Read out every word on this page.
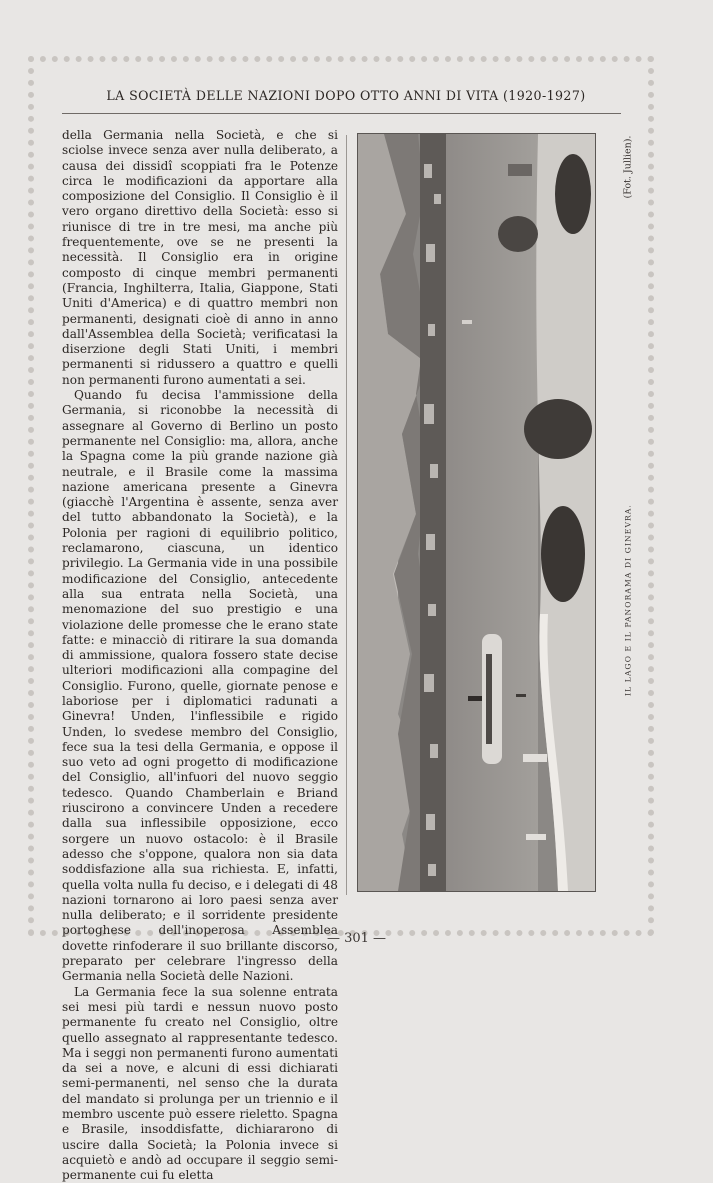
LA SOCIETÀ DELLE NAZIONI DOPO OTTO ANNI DI VITA (1920-1927)

della Germania nella Società, e che si sciolse invece senza aver nulla deliberato, a causa dei dissidî scoppiati fra le Potenze circa le modificazioni da apportare alla composizione del Consiglio. Il Consiglio è il vero organo direttivo della Società: esso si riunisce di tre in tre mesi, ma anche più frequentemente, ove se ne presenti la necessità. Il Consiglio era in origine composto di cinque membri permanenti (Francia, Inghilterra, Italia, Giappone, Stati Uniti d'America) e di quattro membri non permanenti, designati cioè di anno in anno dall'Assemblea della Società; verificatasi la diserzione degli Stati Uniti, i membri permanenti si ridussero a quattro e quelli non permanenti furono aumentati a sei.

Quando fu decisa l'ammissione della Germania, si riconobbe la necessità di assegnare al Governo di Berlino un posto permanente nel Consiglio: ma, allora, anche la Spagna come la più grande nazione già neutrale, e il Brasile come la massima nazione americana presente a Ginevra (giacchè l'Argentina è assente, senza aver del tutto abbandonato la Società), e la Polonia per ragioni di equilibrio politico, reclamarono, ciascuna, un identico privilegio. La Germania vide in una possibile modificazione del Consiglio, antecedente alla sua entrata nella Società, una menomazione del suo prestigio e una violazione delle promesse che le erano state fatte: e minacciò di ritirare la sua domanda di ammissione, qualora fossero state decise ulteriori modificazioni alla compagine del Consiglio. Furono, quelle, giornate penose e laboriose per i diplomatici radunati a Ginevra! Unden, l'inflessibile e rigido Unden, lo svedese membro del Consiglio, fece sua la tesi della Germania, e oppose il suo veto ad ogni progetto di modificazione del Consiglio, all'infuori del nuovo seggio tedesco. Quando Chamberlain e Briand riuscirono a convincere Unden a recedere dalla sua inflessibile opposizione, ecco sorgere un nuovo ostacolo: è il Brasile adesso che s'oppone, qualora non sia data soddisfazione alla sua richiesta. E, infatti, quella volta nulla fu deciso, e i delegati di 48 nazioni tornarono ai loro paesi senza aver nulla deliberato; e il sorridente presidente portoghese dell'inoperosa Assemblea dovette rinfoderare il suo brillante discorso, preparato per celebrare l'ingresso della Germania nella Società delle Nazioni.

La Germania fece la sua solenne entrata sei mesi più tardi e nessun nuovo posto permanente fu creato nel Consiglio, oltre quello assegnato al rappresentante tedesco. Ma i seggi non permanenti furono aumentati da sei a nove, e alcuni di essi dichiarati semi-permanenti, nel senso che la durata del mandato si prolunga per un triennio e il membro uscente può essere rieletto. Spagna e Brasile, insoddisfatte, dichiararono di uscire dalla Società; la Polonia invece si acquietò e andò ad occupare il seggio semi-permanente cui fu eletta

IL LAGO E IL PANORAMA DI GINEVRA.
(Fot. Jullien).
— 301 —
